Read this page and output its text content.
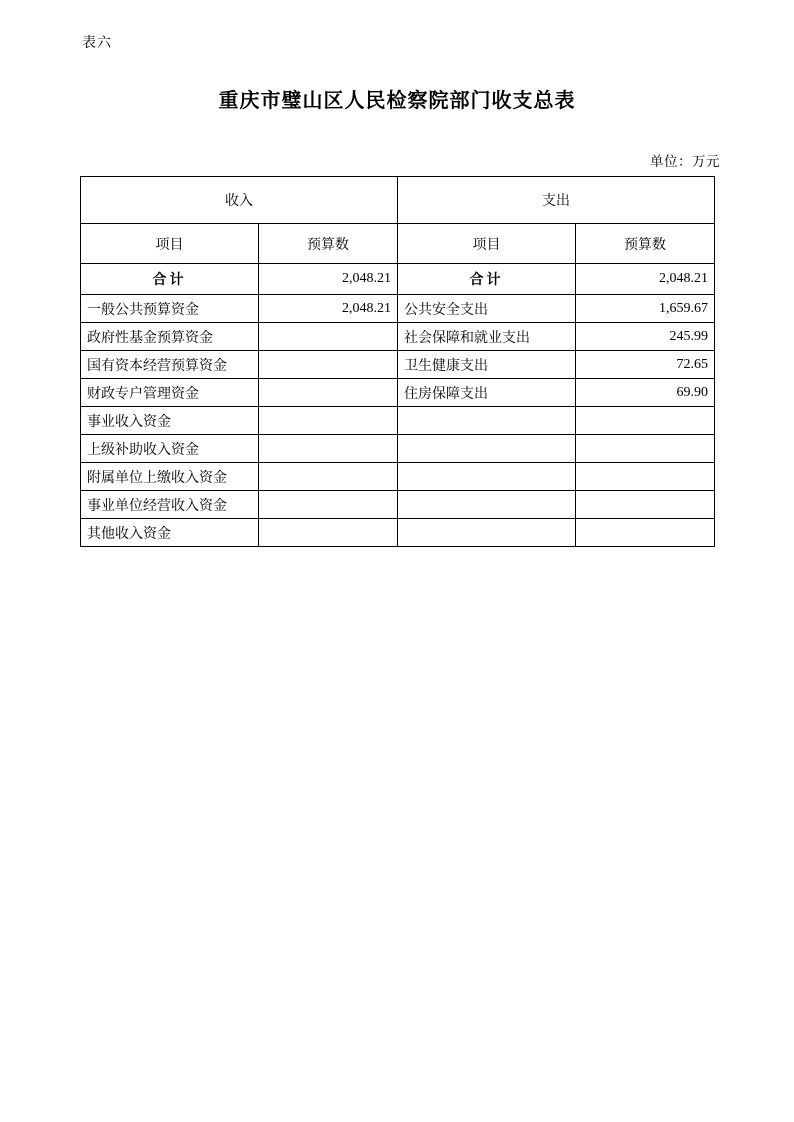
表六
重庆市璧山区人民检察院部门收支总表
单位：万元
收入		支出	
项目	预算数	项目	预算数
合计	2,048.21	合计	2,048.21
一般公共预算资金	2,048.21	公共安全支出	1,659.67
政府性基金预算资金		社会保障和就业支出	245.99
国有资本经营预算资金		卫生健康支出	72.65
财政专户管理资金		住房保障支出	69.90
事业收入资金			
上级补助收入资金			
附属单位上缴收入资金			
事业单位经营收入资金			
其他收入资金			
